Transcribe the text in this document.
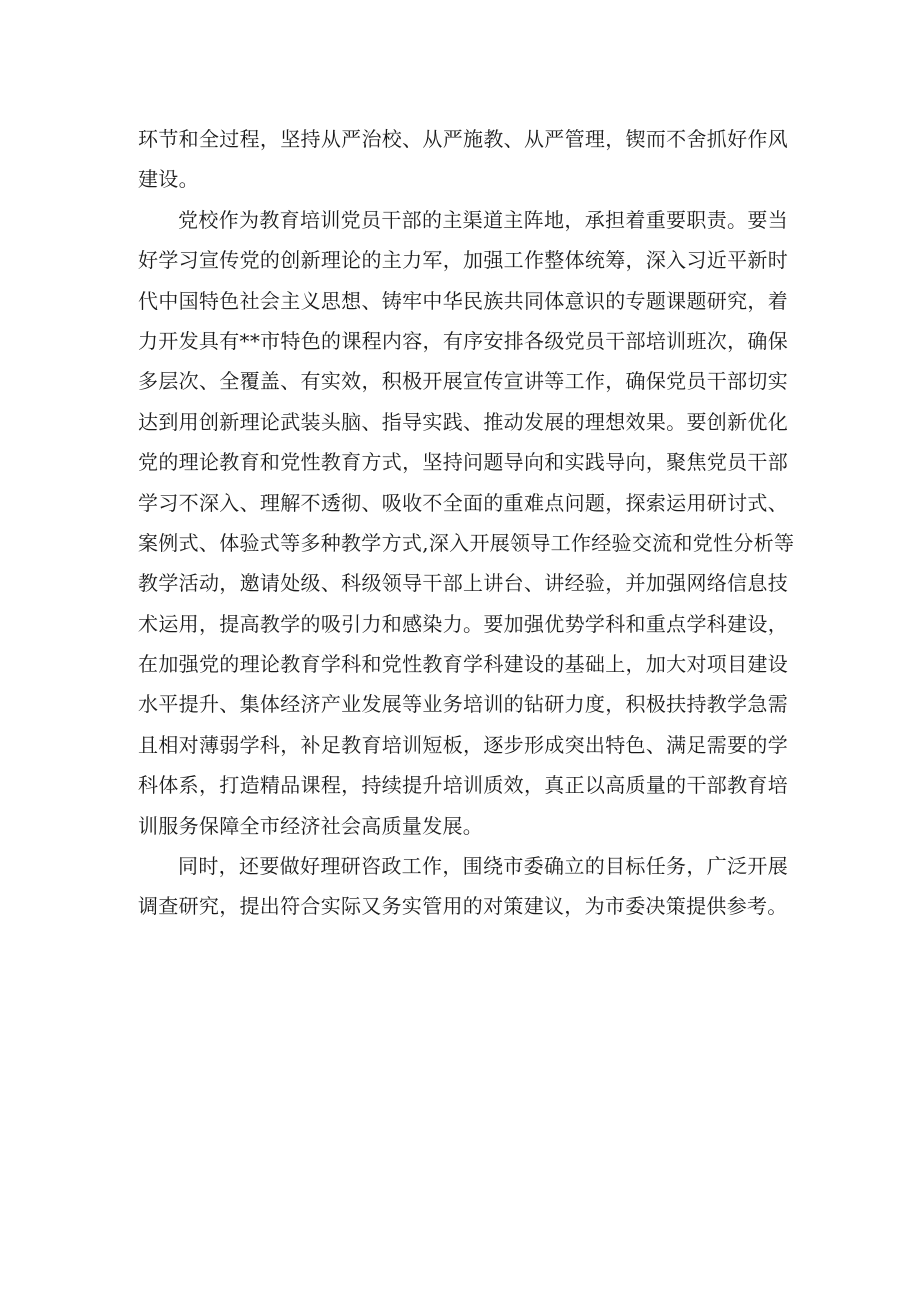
环节和全过程，坚持从严治校、从严施教、从严管理，锲而不舍抓好作风
建设。
党校作为教育培训党员干部的主渠道主阵地，承担着重要职责。要当
好学习宣传党的创新理论的主力军，加强工作整体统筹，深入习近平新时
代中国特色社会主义思想、铸牢中华民族共同体意识的专题课题研究，着
力开发具有**市特色的课程内容，有序安排各级党员干部培训班次，确保
多层次、全覆盖、有实效，积极开展宣传宣讲等工作，确保党员干部切实
达到用创新理论武装头脑、指导实践、推动发展的理想效果。要创新优化
党的理论教育和党性教育方式，坚持问题导向和实践导向，聚焦党员干部
学习不深入、理解不透彻、吸收不全面的重难点问题，探索运用研讨式、
案例式、体验式等多种教学方式,深入开展领导工作经验交流和党性分析等
教学活动，邀请处级、科级领导干部上讲台、讲经验，并加强网络信息技
术运用，提高教学的吸引力和感染力。要加强优势学科和重点学科建设，
在加强党的理论教育学科和党性教育学科建设的基础上，加大对项目建设
水平提升、集体经济产业发展等业务培训的钻研力度，积极扶持教学急需
且相对薄弱学科，补足教育培训短板，逐步形成突出特色、满足需要的学
科体系，打造精品课程，持续提升培训质效，真正以高质量的干部教育培
训服务保障全市经济社会高质量发展。
同时，还要做好理研咨政工作，围绕市委确立的目标任务，广泛开展
调查研究，提出符合实际又务实管用的对策建议，为市委决策提供参考。
